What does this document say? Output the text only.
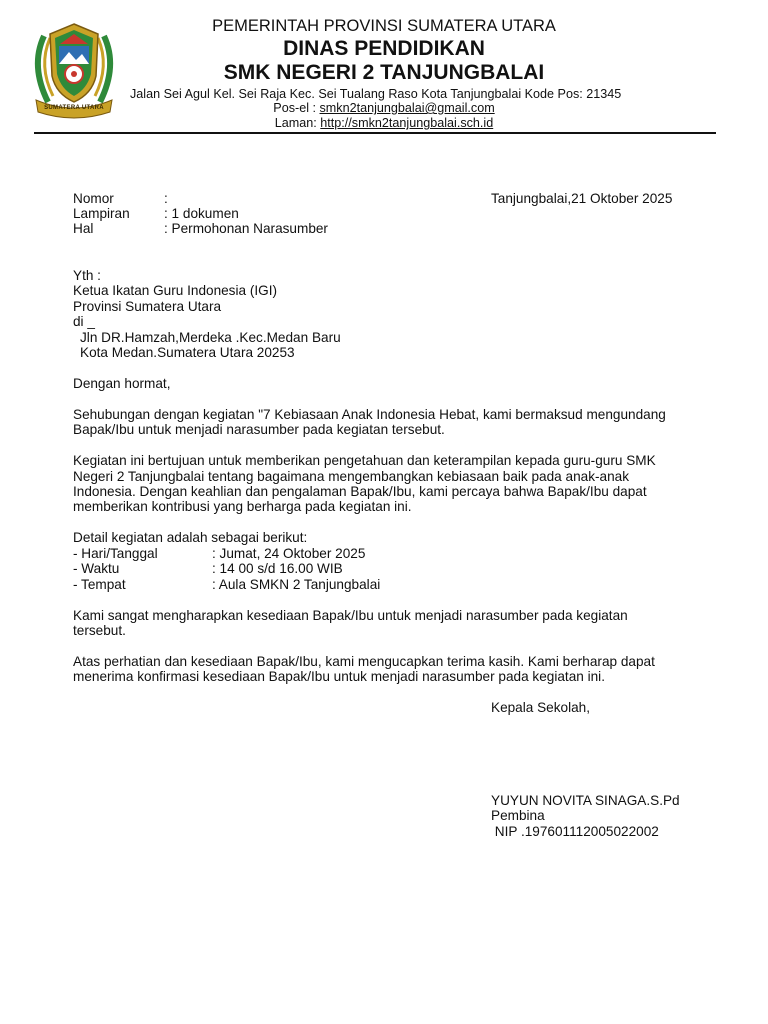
SUMATERA UTARA
PEMERINTAH PROVINSI SUMATERA UTARA
DINAS PENDIDIKAN
SMK NEGERI 2 TANJUNGBALAI
Jalan Sei Agul Kel. Sei Raja Kec. Sei Tualang Raso Kota Tanjungbalai Kode Pos: 21345
Pos-el : smkn2tanjungbalai@gmail.com
Laman: http://smkn2tanjungbalai.sch.id
Nomor	:
Lampiran	: 1 dokumen
Hal	: Permohonan Narasumber
Tanjungbalai,21 Oktober 2025
Yth :
Ketua Ikatan Guru Indonesia (IGI)
Provinsi Sumatera Utara
di _
Jln DR.Hamzah,Merdeka .Kec.Medan Baru
Kota Medan.Sumatera Utara 20253
Dengan hormat,
Sehubungan dengan kegiatan "7 Kebiasaan Anak Indonesia Hebat, kami bermaksud mengundang
Bapak/Ibu untuk menjadi narasumber pada kegiatan tersebut.
Kegiatan ini bertujuan untuk memberikan pengetahuan dan keterampilan kepada guru-guru SMK
Negeri 2 Tanjungbalai tentang bagaimana mengembangkan kebiasaan baik pada anak-anak
Indonesia. Dengan keahlian dan pengalaman Bapak/Ibu, kami percaya bahwa Bapak/Ibu dapat
memberikan kontribusi yang berharga pada kegiatan ini.
Detail kegiatan adalah sebagai berikut:
- Hari/Tanggal	: Jumat, 24 Oktober 2025
- Waktu	: 14 00 s/d 16.00 WIB
- Tempat	: Aula SMKN 2 Tanjungbalai
Kami sangat mengharapkan kesediaan Bapak/Ibu untuk menjadi narasumber pada kegiatan
tersebut.
Atas perhatian dan kesediaan Bapak/Ibu, kami mengucapkan terima kasih. Kami berharap dapat
menerima konfirmasi kesediaan Bapak/Ibu untuk menjadi narasumber pada kegiatan ini.
Kepala Sekolah,
YUYUN NOVITA SINAGA.S.Pd
Pembina
NIP .197601112005022002
